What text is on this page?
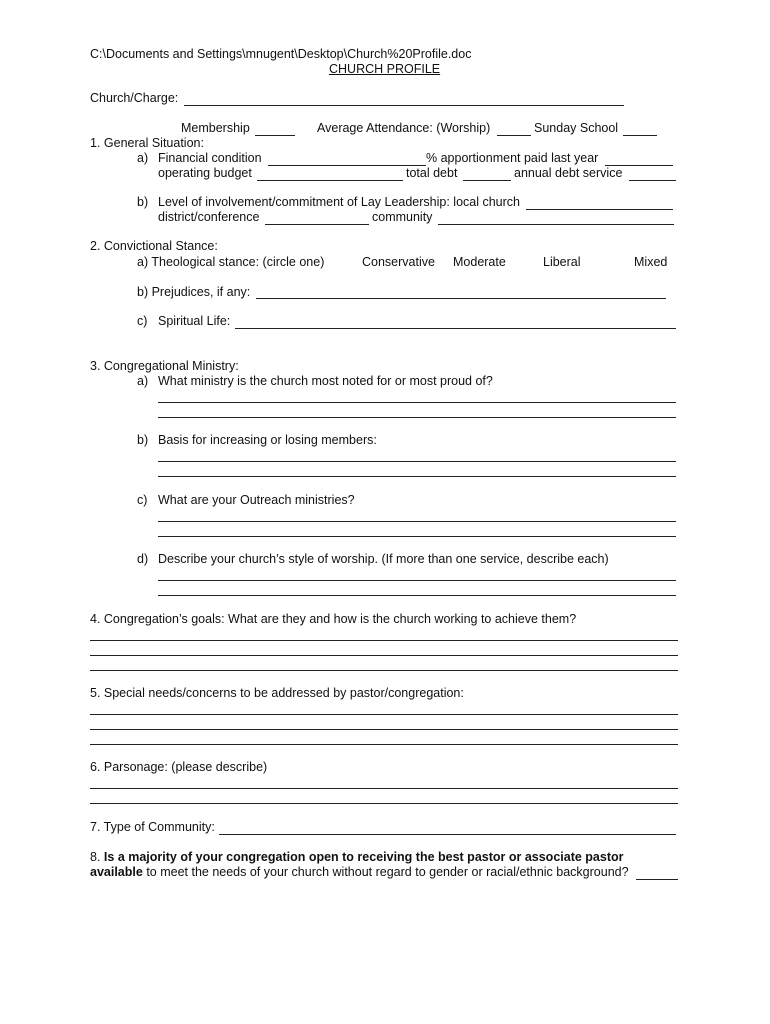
C:\Documents and Settings\mnugent\Desktop\Church%20Profile.doc
CHURCH PROFILE
Church/Charge:
Membership	Average Attendance: (Worship)	Sunday School
1. General Situation:
a) Financial condition	% apportionment paid last year
operating budget	total debt	annual debt service
b) Level of involvement/commitment of Lay Leadership: local church
district/conference	community
2. Convictional Stance:
a) Theological stance: (circle one)	Conservative Moderate	Liberal	Mixed
b) Prejudices, if any:
c) Spiritual Life:
3. Congregational Ministry:
a) What ministry is the church most noted for or most proud of?
b) Basis for increasing or losing members:
c) What are your Outreach ministries?
d) Describe your church’s style of worship. (If more than one service, describe each)
4. Congregation’s goals: What are they and how is the church working to achieve them?
5. Special needs/concerns to be addressed by pastor/congregation:
6. Parsonage: (please describe)
7. Type of Community:
8. Is a majority of your congregation open to receiving the best pastor or associate pastor
available to meet the needs of your church without regard to gender or racial/ethnic background?
